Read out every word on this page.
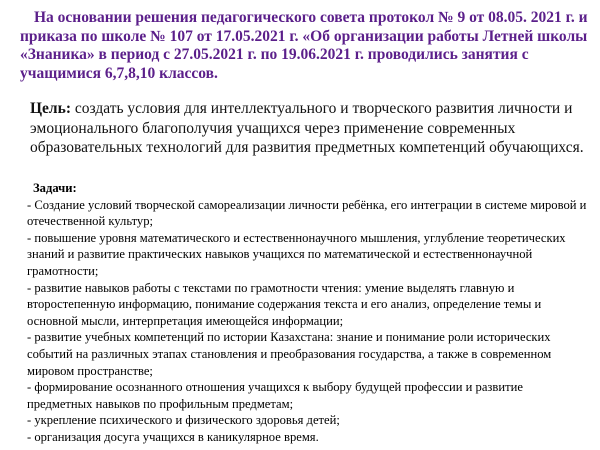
На основании решения педагогического совета протокол № 9 от 08.05. 2021 г. и приказа по школе № 107 от 17.05.2021 г. «Об организации работы Летней школы «Знаника» в период с 27.05.2021 г. по 19.06.2021 г. проводились занятия с учащимися 6,7,8,10 классов.

Цель: создать условия для интеллектуального и творческого развития личности и эмоционального благополучия учащихся через применение современных образовательных технологий для развития предметных компетенций обучающихся.

Задачи:
- Создание условий творческой самореализации личности ребёнка, его интеграции в системе мировой и отечественной культур;
- повышение уровня математического и естественнонаучного мышления, углубление теоретических знаний и развитие практических навыков учащихся по математической и естественнонаучной грамотности;
- развитие навыков работы с текстами по грамотности чтения: умение выделять главную и второстепенную информацию, понимание содержания текста и его анализ, определение темы и основной мысли, интерпретация имеющейся информации;
- развитие учебных компетенций по истории Казахстана: знание и понимание роли исторических событий на различных этапах становления и преобразования государства, а также в современном мировом пространстве;
- формирование осознанного отношения учащихся к выбору будущей профессии и развитие предметных навыков по профильным предметам;
- укрепление психического и физического здоровья детей;
- организация досуга учащихся в каникулярное время.
